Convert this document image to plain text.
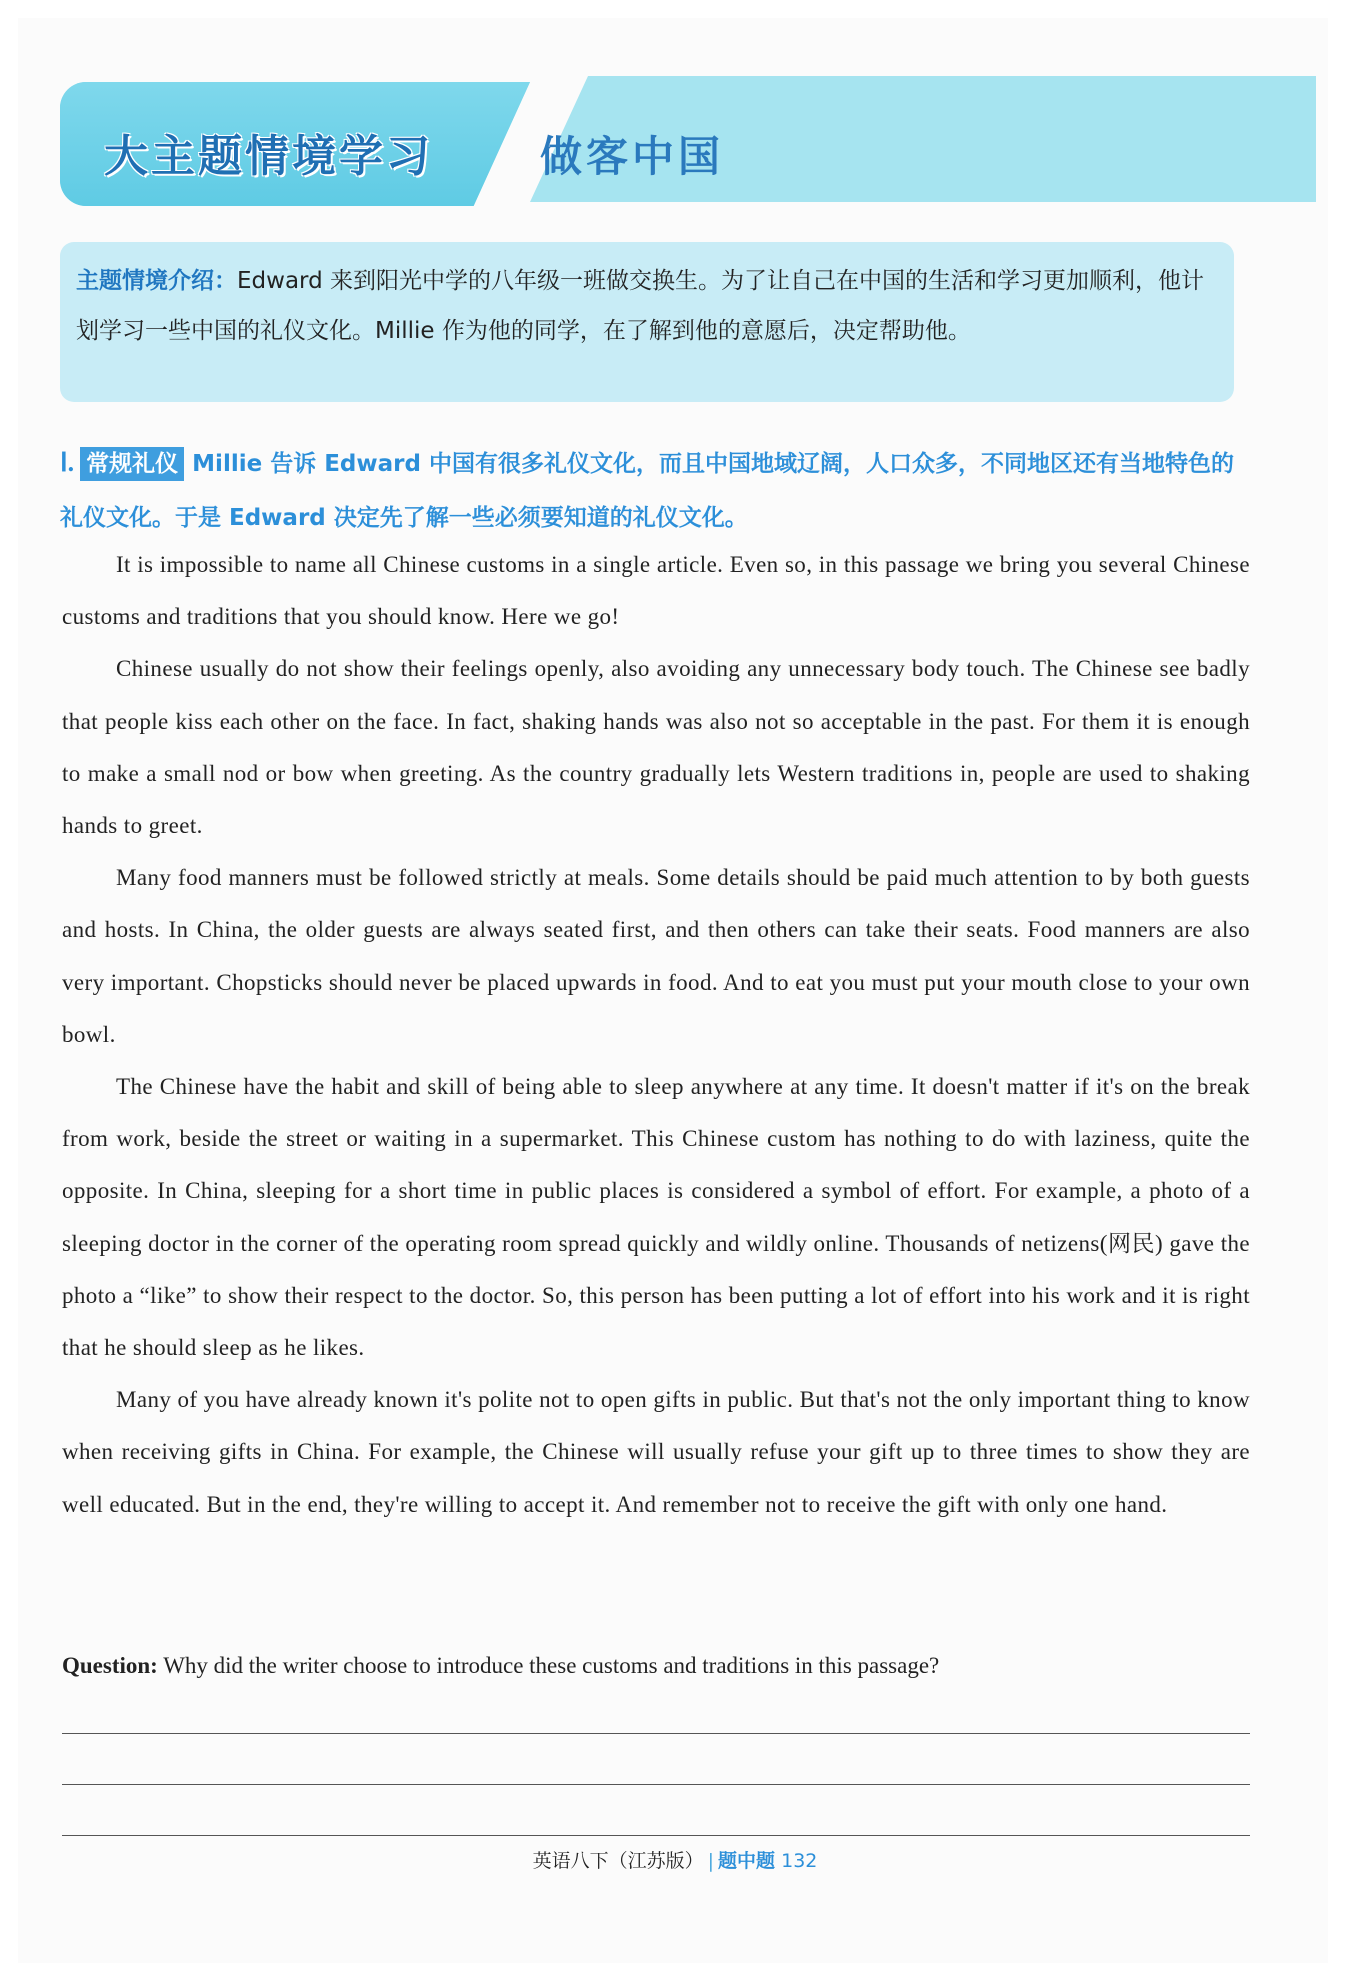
大主题情境学习	做客中国
主题情境介绍：Edward 来到阳光中学的八年级一班做交换生。为了让自己在中国的生活和学习更加顺利，他计划学习一些中国的礼仪文化。Millie 作为他的同学，在了解到他的意愿后，决定帮助他。
Ⅰ. 常规礼仪 Millie 告诉 Edward 中国有很多礼仪文化，而且中国地域辽阔，人口众多，不同地区还有当地特色的礼仪文化。于是 Edward 决定先了解一些必须要知道的礼仪文化。

It is impossible to name all Chinese customs in a single article. Even so, in this passage we bring you several Chinese customs and traditions that you should know. Here we go!

Chinese usually do not show their feelings openly, also avoiding any unnecessary body touch. The Chinese see badly that people kiss each other on the face. In fact, shaking hands was also not so acceptable in the past. For them it is enough to make a small nod or bow when greeting. As the country gradually lets Western traditions in, people are used to shaking hands to greet.

Many food manners must be followed strictly at meals. Some details should be paid much attention to by both guests and hosts. In China, the older guests are always seated first, and then others can take their seats. Food manners are also very important. Chopsticks should never be placed upwards in food. And to eat you must put your mouth close to your own bowl.

The Chinese have the habit and skill of being able to sleep anywhere at any time. It doesn't matter if it's on the break from work, beside the street or waiting in a supermarket. This Chinese custom has nothing to do with laziness, quite the opposite. In China, sleeping for a short time in public places is considered a symbol of effort. For example, a photo of a sleeping doctor in the corner of the operating room spread quickly and wildly online. Thousands of netizens(网民) gave the photo a “like” to show their respect to the doctor. So, this person has been putting a lot of effort into his work and it is right that he should sleep as he likes.

Many of you have already known it's polite not to open gifts in public. But that's not the only important thing to know when receiving gifts in China. For example, the Chinese will usually refuse your gift up to three times to show they are well educated. But in the end, they're willing to accept it. And remember not to receive the gift with only one hand.

Question: Why did the writer choose to introduce these customs and traditions in this passage?
英语八下（江苏版） | 题中题 132
